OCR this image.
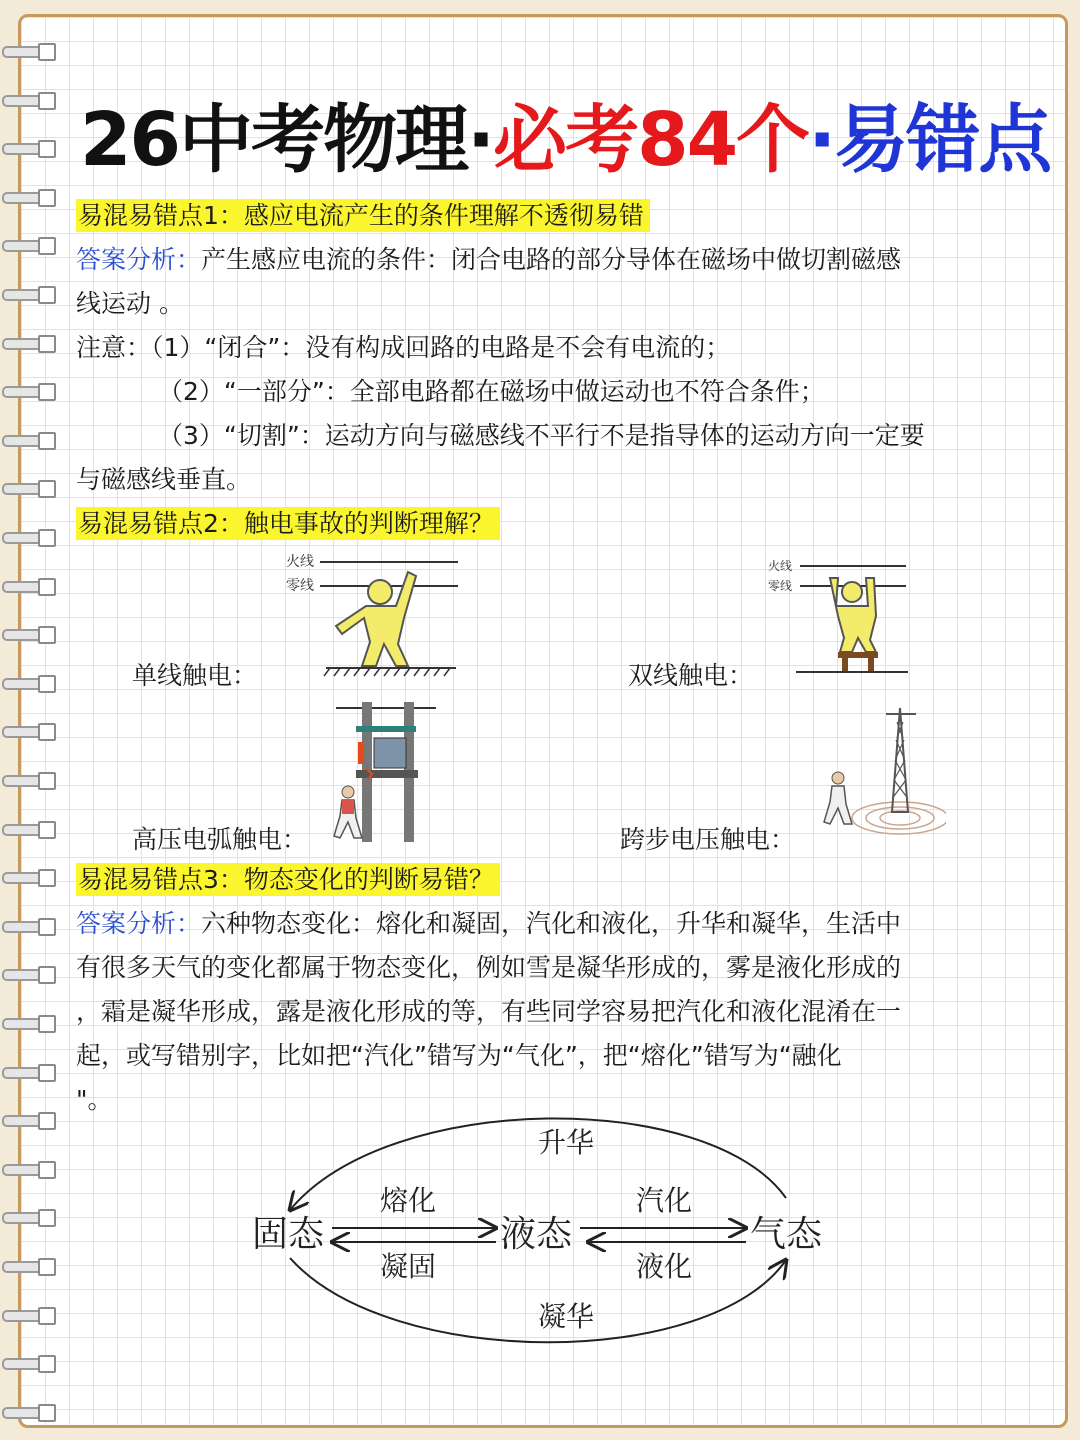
26中考物理·必考84个·易错点
易混易错点1：感应电流产生的条件理解不透彻易错
答案分析：产生感应电流的条件：闭合电路的部分导体在磁场中做切割磁感
线运动 。
注意：（1）“闭合”：没有构成回路的电路是不会有电流的；
（2）“一部分”：全部电路都在磁场中做运动也不符合条件；
（3）“切割”：运动方向与磁感线不平行不是指导体的运动方向一定要
与磁感线垂直。
易混易错点2：触电事故的判断理解？
单线触电：	双线触电：
高压电弧触电：	跨步电压触电：
火线
零线
火线
零线
易混易错点3：物态变化的判断易错？
答案分析：六种物态变化：熔化和凝固，汽化和液化，升华和凝华，生活中
有很多天气的变化都属于物态变化，例如雪是凝华形成的，雾是液化形成的
，霜是凝华形成，露是液化形成的等，有些同学容易把汽化和液化混淆在一
起，或写错别字，比如把“汽化”错写为“气化”，把“熔化”错写为“融化
"。
固态	液态	气态
熔化
凝固
汽化
液化
升华
凝华
